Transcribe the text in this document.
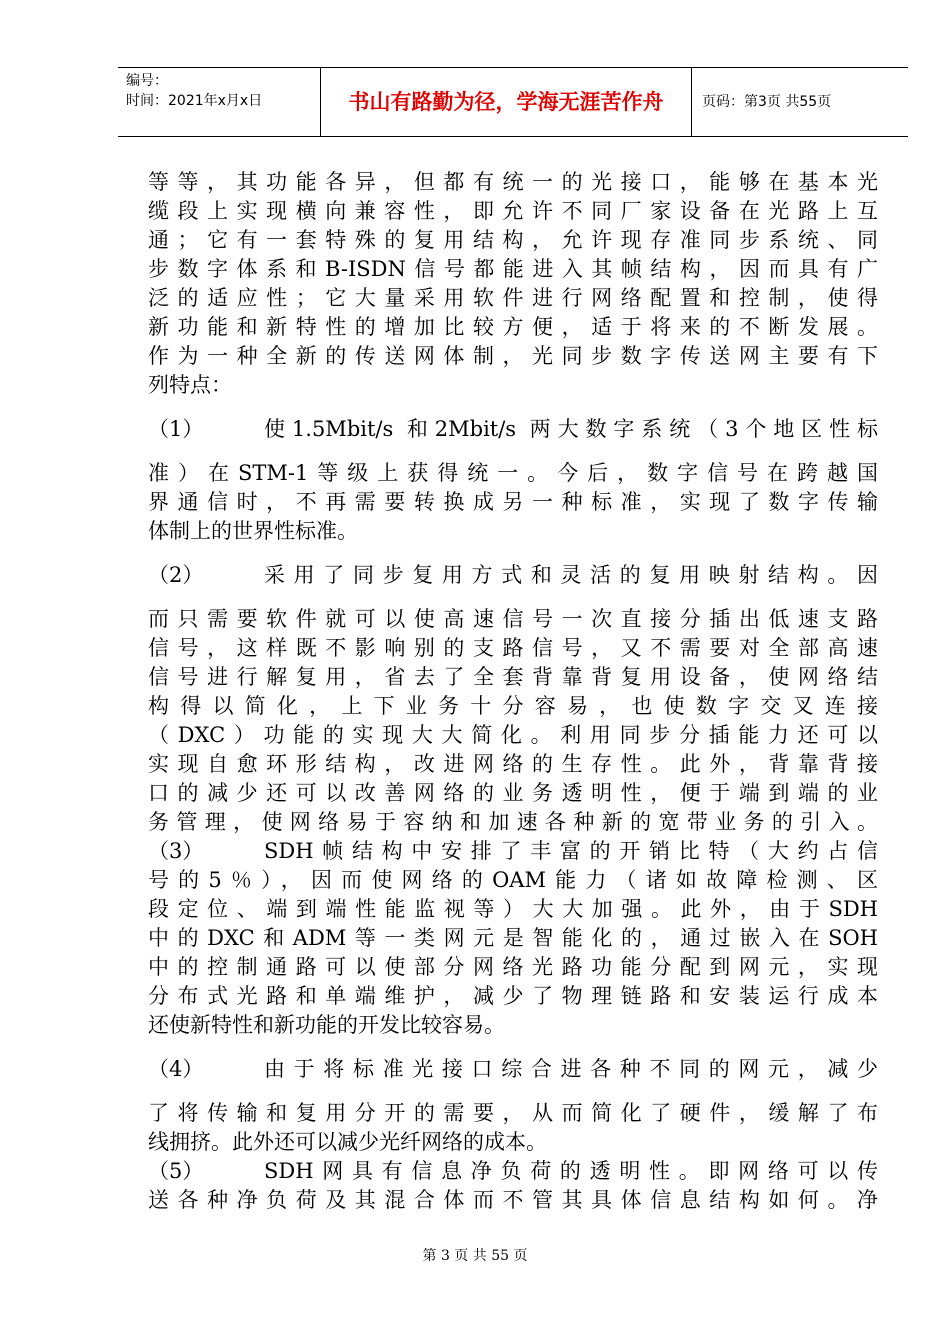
编号：
时间：2021年x月x日	书山有路勤为径，学海无涯苦作舟	页码：第3页 共55页
等等，其功能各异，但都有统一的光接口，能够在基本光
缆段上实现横向兼容性，即允许不同厂家设备在光路上互
通；它有一套特殊的复用结构，允许现存准同步系统、同
步数字体系和B-ISDN信号都能进入其帧结构，因而具有广
泛的适应性；它大量采用软件进行网络配置和控制，使得
新功能和新特性的增加比较方便，适于将来的不断发展。
作为一种全新的传送网体制，光同步数字传送网主要有下
列特点：
（1）	使1.5Mbit/s 和2Mbit/s 两大数字系统（3个地区性标
准）在STM-1等级上获得统一。今后，数字信号在跨越国
界通信时，不再需要转换成另一种标准，实现了数字传输
体制上的世界性标准。
（2）	采用了同步复用方式和灵活的复用映射结构。因
而只需要软件就可以使高速信号一次直接分插出低速支路
信号，这样既不影响别的支路信号，又不需要对全部高速
信号进行解复用，省去了全套背靠背复用设备，使网络结
构得以简化，上下业务十分容易，也使数字交叉连接
（DXC）功能的实现大大简化。利用同步分插能力还可以
实现自愈环形结构，改进网络的生存性。此外，背靠背接
口的减少还可以改善网络的业务透明性，便于端到端的业
务管理，使网络易于容纳和加速各种新的宽带业务的引入。
（3）	SDH帧结构中安排了丰富的开销比特（大约占信
号的5％），因而使网络的OAM能力（诸如故障检测、区
段定位、端到端性能监视等）大大加强。此外，由于SDH
中的DXC和ADM等一类网元是智能化的，通过嵌入在SOH
中的控制通路可以使部分网络光路功能分配到网元，实现
分布式光路和单端维护，减少了物理链路和安装运行成本
还使新特性和新功能的开发比较容易。
（4）	由于将标准光接口综合进各种不同的网元，减少
了将传输和复用分开的需要，从而简化了硬件，缓解了布
线拥挤。此外还可以减少光纤网络的成本。
（5）	SDH网具有信息净负荷的透明性。即网络可以传
送各种净负荷及其混合体而不管其具体信息结构如何。净
第 3 页 共 55 页
